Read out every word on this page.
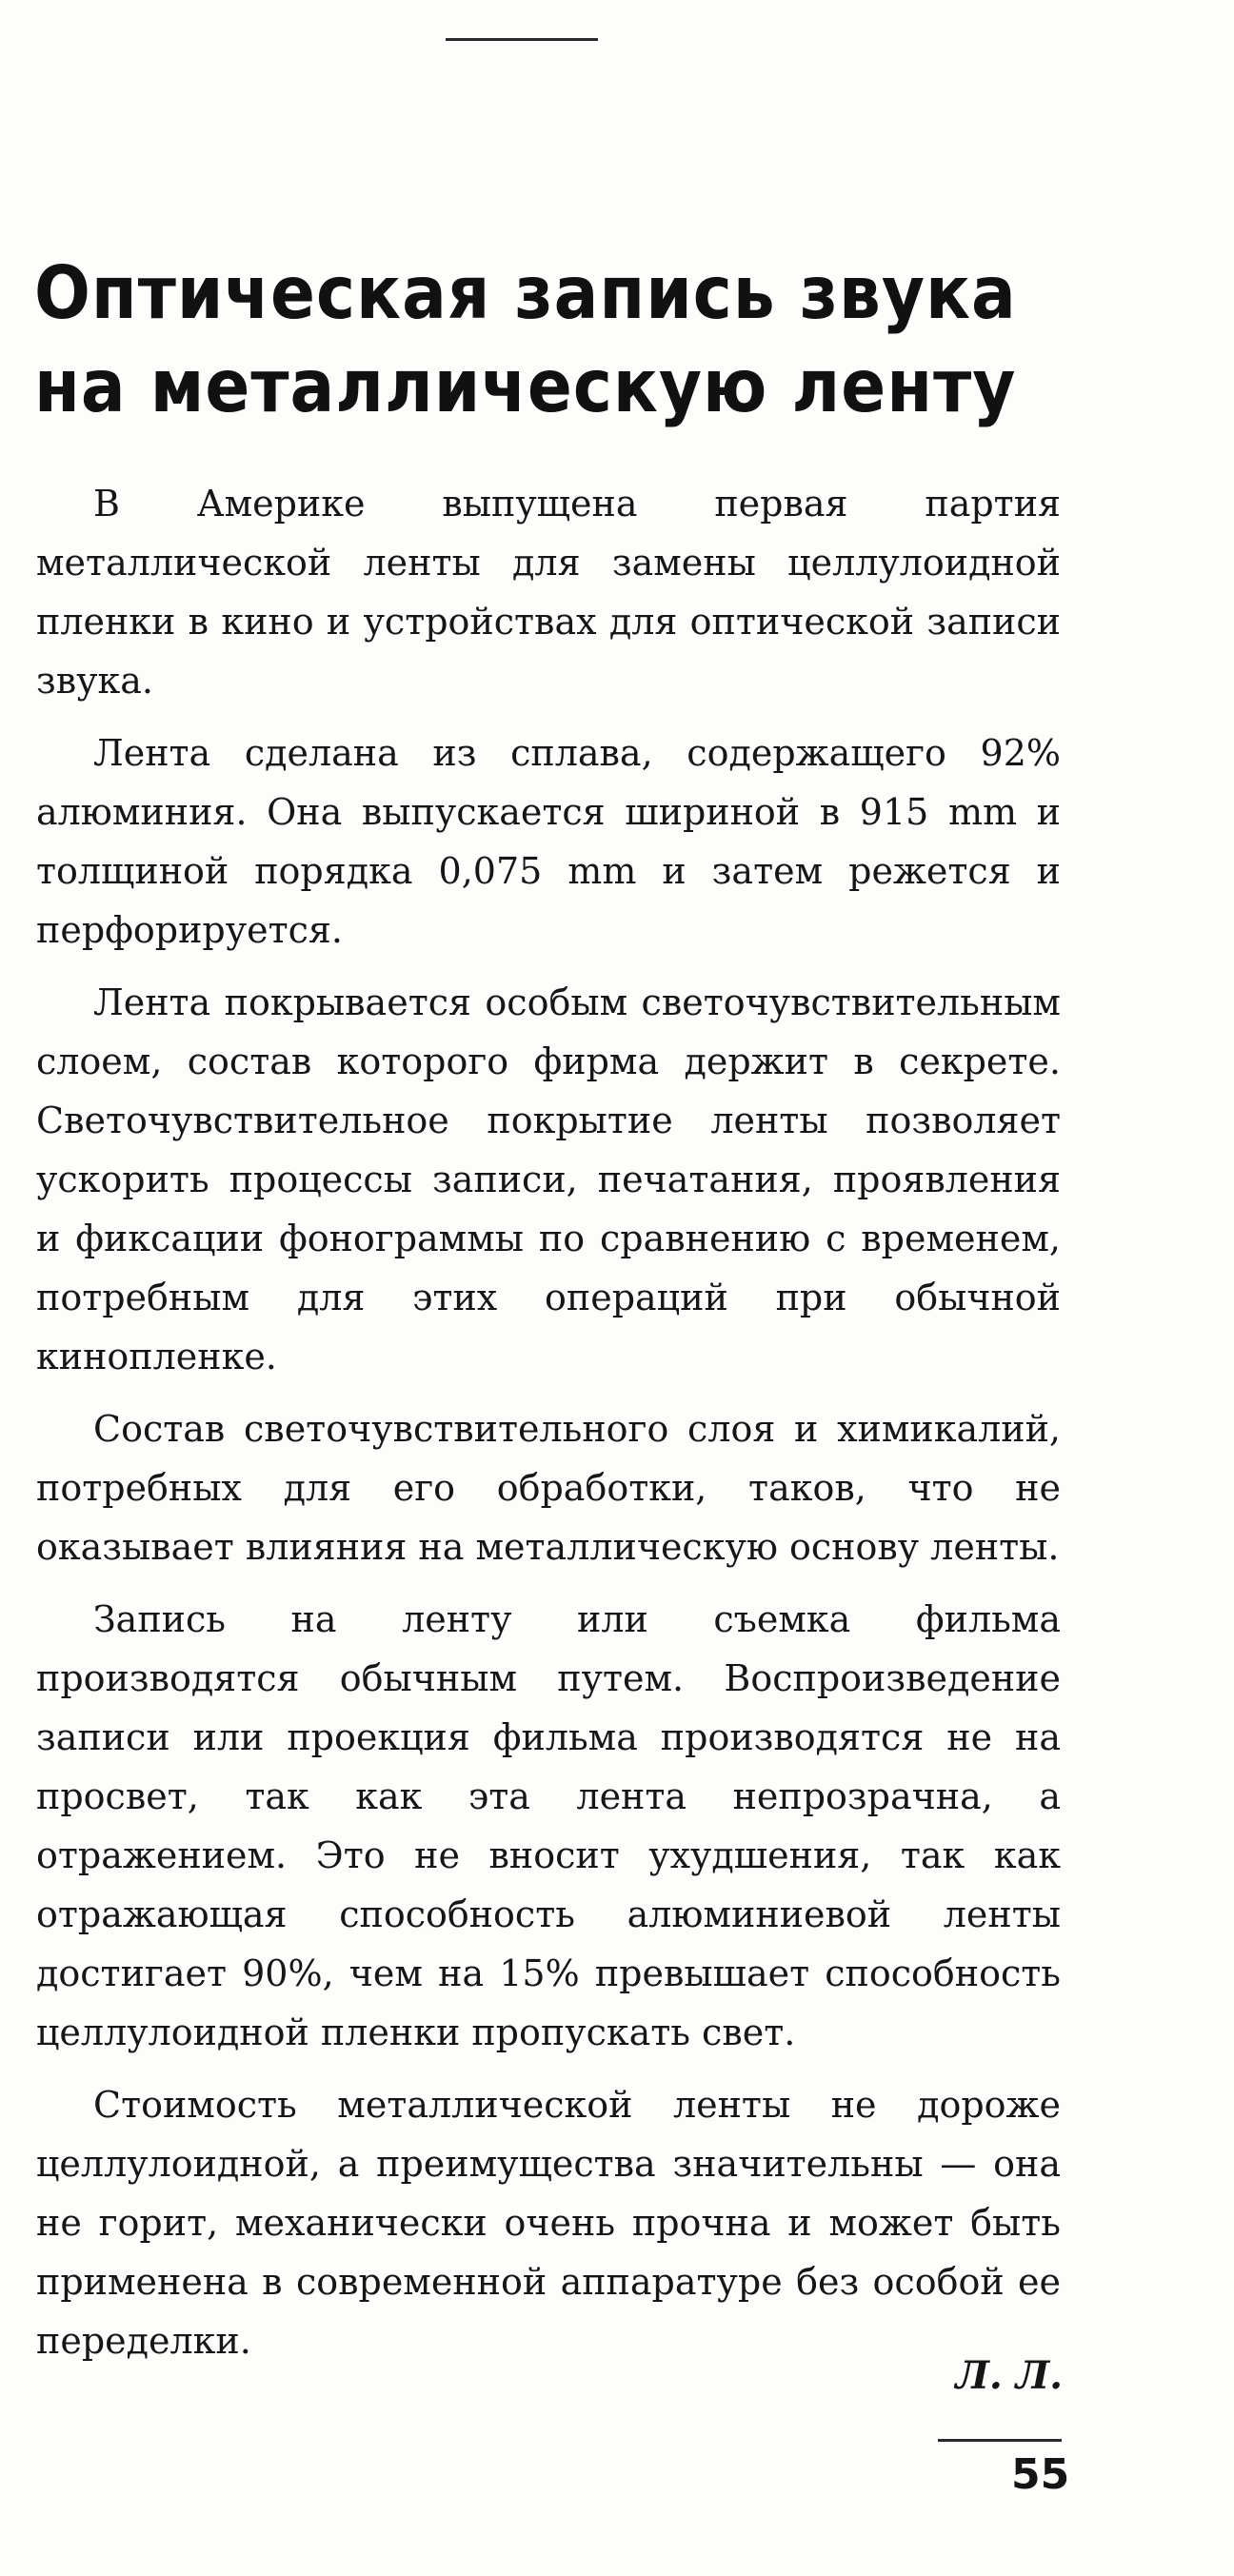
Оптическая запись звука
на металлическую ленту

В Америке выпущена первая партия металлической ленты для замены целлулоидной пленки в кино и устройствах для оптической записи звука.

Лента сделана из сплава, содержащего 92% алюминия. Она выпускается шириной в 915 mm и толщиной порядка 0,075 mm и затем режется и перфорируется.

Лента покрывается особым светочувствительным слоем, состав которого фирма держит в секрете. Светочувствительное покрытие ленты позволяет ускорить процессы записи, печатания, проявления и фиксации фонограммы по сравнению с временем, потребным для этих операций при обычной кинопленке.

Состав светочувствительного слоя и химикалий, потребных для его обработки, таков, что не оказывает влияния на металлическую основу ленты.

Запись на ленту или съемка фильма производятся обычным путем. Воспроизведение записи или проекция фильма производятся не на просвет, так как эта лента непрозрачна, а отражением. Это не вносит ухудшения, так как отражающая способность алюминиевой ленты достигает 90%, чем на 15% превышает способность целлулоидной пленки пропускать свет.

Стоимость металлической ленты не дороже целлулоидной, а преимущества значительны — она не горит, механически очень прочна и может быть применена в современной аппаратуре без особой ее переделки.

Л. Л.
55
